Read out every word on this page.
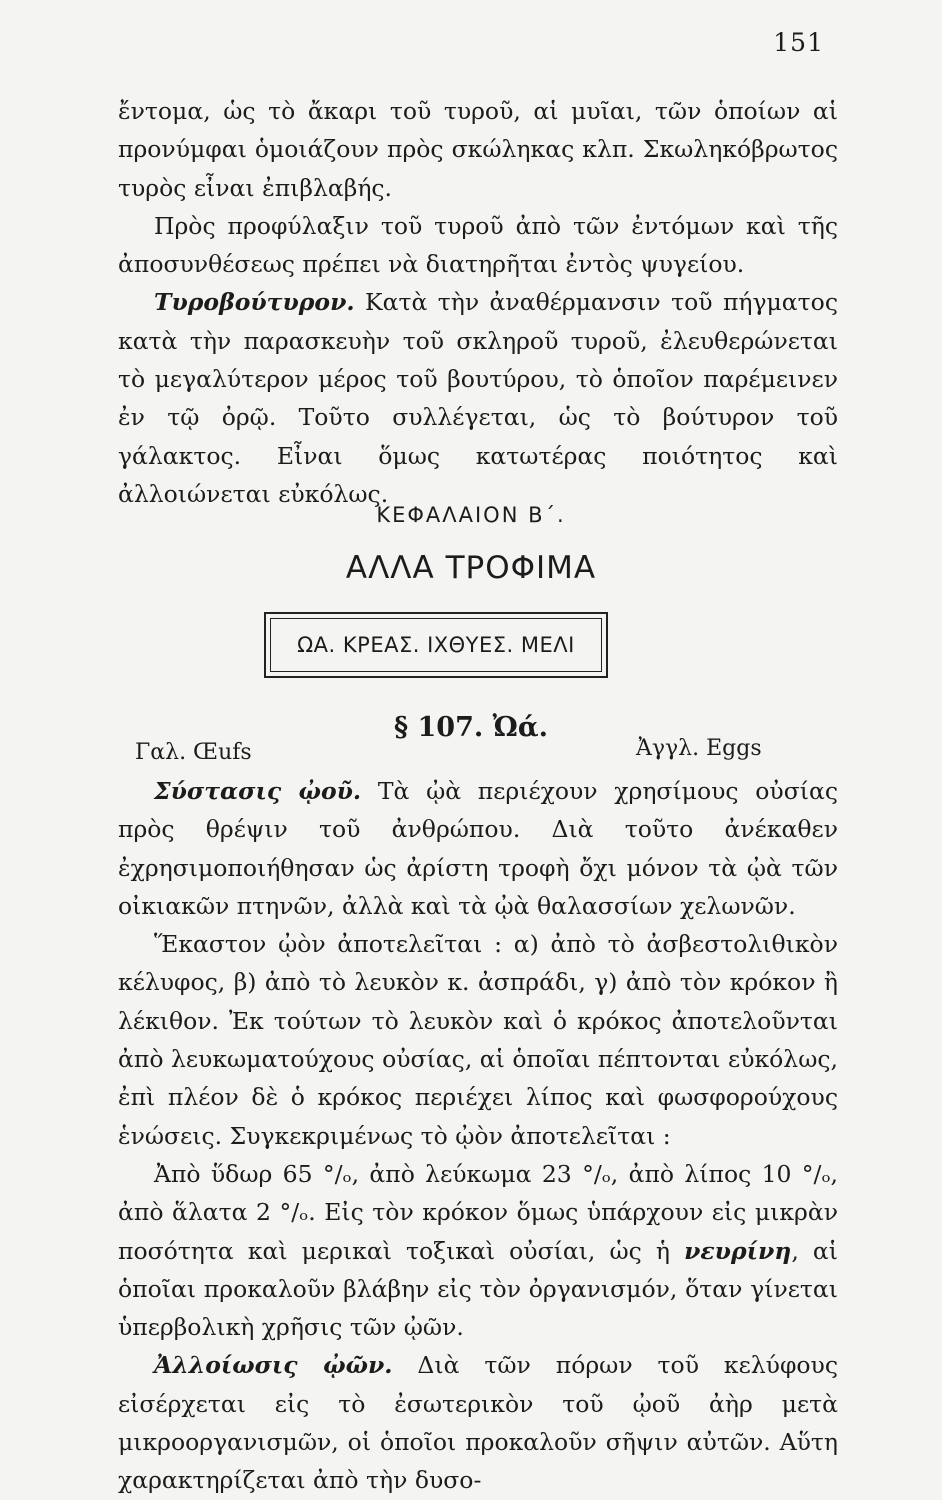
151

ἔντομα, ὡς τὸ ἄκαρι τοῦ τυροῦ, αἱ μυῖαι, τῶν ὁποίων αἱ προνύμφαι ὁμοιάζουν πρὸς σκώληκας κλπ. Σκωληκόβρωτος τυρὸς εἶναι ἐπιβλαβής.

Πρὸς προφύλαξιν τοῦ τυροῦ ἀπὸ τῶν ἐντόμων καὶ τῆς ἀποσυνθέσεως πρέπει νὰ διατηρῆται ἐντὸς ψυγείου.

Τυροβούτυρον. Κατὰ τὴν ἀναθέρμανσιν τοῦ πήγματος κατὰ τὴν παρασκευὴν τοῦ σκληροῦ τυροῦ, ἐλευθερώνεται τὸ μεγαλύτερον μέρος τοῦ βουτύρου, τὸ ὁποῖον παρέμεινεν ἐν τῷ ὀρῷ. Τοῦτο συλλέγεται, ὡς τὸ βούτυρον τοῦ γάλακτος. Εἶναι ὅμως κατωτέρας ποιότητος καὶ ἀλλοιώνεται εὐκόλως.

ΚΕΦΑΛΑΙΟΝ Β΄.
ΑΛΛΑ ΤΡΟΦΙΜΑ
ΩΑ. ΚΡΕΑΣ. ΙΧΘΥΕΣ. ΜΕΛΙ
§ 107. Ὠά.
Γαλ. Œufs	Ἀγγλ. Eggs

Σύστασις ᾠοῦ. Τὰ ᾠὰ περιέχουν χρησίμους οὐσίας πρὸς θρέψιν τοῦ ἀνθρώπου. Διὰ τοῦτο ἀνέκαθεν ἐχρησιμοποιήθησαν ὡς ἀρίστη τροφὴ ὄχι μόνον τὰ ᾠὰ τῶν οἰκιακῶν πτηνῶν, ἀλλὰ καὶ τὰ ᾠὰ θαλασσίων χελωνῶν.

Ἕκαστον ᾠὸν ἀποτελεῖται : α) ἀπὸ τὸ ἀσβεστολιθικὸν κέλυφος, β) ἀπὸ τὸ λευκὸν κ. ἀσπράδι, γ) ἀπὸ τὸν κρόκον ἢ λέκιθον. Ἐκ τούτων τὸ λευκὸν καὶ ὁ κρόκος ἀποτελοῦνται ἀπὸ λευκωματούχους οὐσίας, αἱ ὁποῖαι πέπτονται εὐκόλως, ἐπὶ πλέον δὲ ὁ κρόκος περιέχει λίπος καὶ φωσφορούχους ἑνώσεις. Συγκεκριμένως τὸ ᾠὸν ἀποτελεῖται :

Ἀπὸ ὕδωρ 65 °/ₒ, ἀπὸ λεύκωμα 23 °/ₒ, ἀπὸ λίπος 10 °/ₒ, ἀπὸ ἅλατα 2 °/ₒ. Εἰς τὸν κρόκον ὅμως ὑπάρχουν εἰς μικρὰν ποσότητα καὶ μερικαὶ τοξικαὶ οὐσίαι, ὡς ἡ νευρίνη, αἱ ὁποῖαι προκαλοῦν βλάβην εἰς τὸν ὀργανισμόν, ὅταν γίνεται ὑπερβολικὴ χρῆσις τῶν ᾠῶν.

Ἀλλοίωσις ᾠῶν. Διὰ τῶν πόρων τοῦ κελύφους εἰσέρχεται εἰς τὸ ἐσωτερικὸν τοῦ ᾠοῦ ἀὴρ μετὰ μικροοργανισμῶν, οἱ ὁποῖοι προκαλοῦν σῆψιν αὐτῶν. Αὕτη χαρακτηρίζεται ἀπὸ τὴν δυσο-
